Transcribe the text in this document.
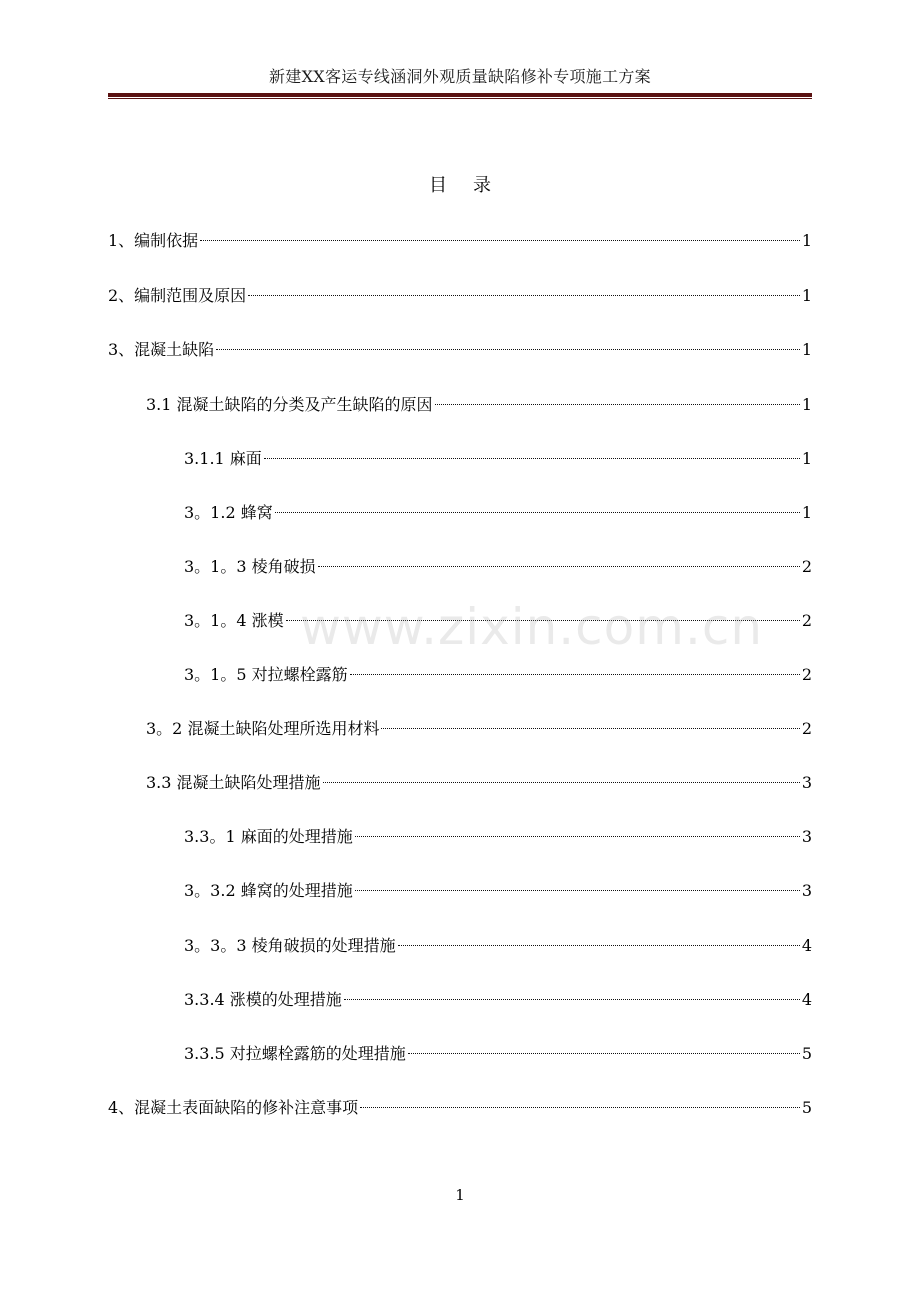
新建XX客运专线涵洞外观质量缺陷修补专项施工方案
目录
1、编制依据	1
2、编制范围及原因	1
3、混凝土缺陷	1
3.1 混凝土缺陷的分类及产生缺陷的原因	1
3.1.1 麻面	1
3。1.2 蜂窝	1
3。1。3 棱角破损	2
3。1。4 涨模	2
3。1。5 对拉螺栓露筋	2
3。2 混凝土缺陷处理所选用材料	2
3.3 混凝土缺陷处理措施	3
3.3。1 麻面的处理措施	3
3。3.2 蜂窝的处理措施	3
3。3。3 棱角破损的处理措施	4
3.3.4 涨模的处理措施	4
3.3.5 对拉螺栓露筋的处理措施	5
4、混凝土表面缺陷的修补注意事项	5
www.zixin.com.cn
1
